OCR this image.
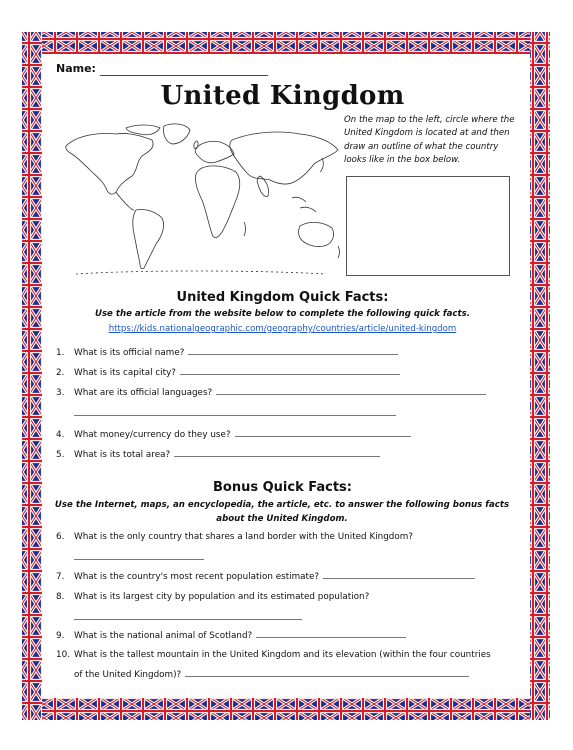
Name:
United Kingdom
On the map to the left, circle where the United Kingdom is located at and then draw an outline of what the country looks like in the box below.
United Kingdom Quick Facts:
Use the article from the website below to complete the following quick facts.
https://kids.nationalgeographic.com/geography/countries/article/united-kingdom
1. What is its official name?
2. What is its capital city?
3. What are its official languages?
4. What money/currency do they use?
5. What is its total area?
Bonus Quick Facts:
Use the Internet, maps, an encyclopedia, the article, etc. to answer the following bonus facts about the United Kingdom.
6. What is the only country that shares a land border with the United Kingdom?
7. What is the country's most recent population estimate?
8. What is its largest city by population and its estimated population?
9. What is the national animal of Scotland?
10. What is the tallest mountain in the United Kingdom and its elevation (within the four countries
of the United Kingdom)?
